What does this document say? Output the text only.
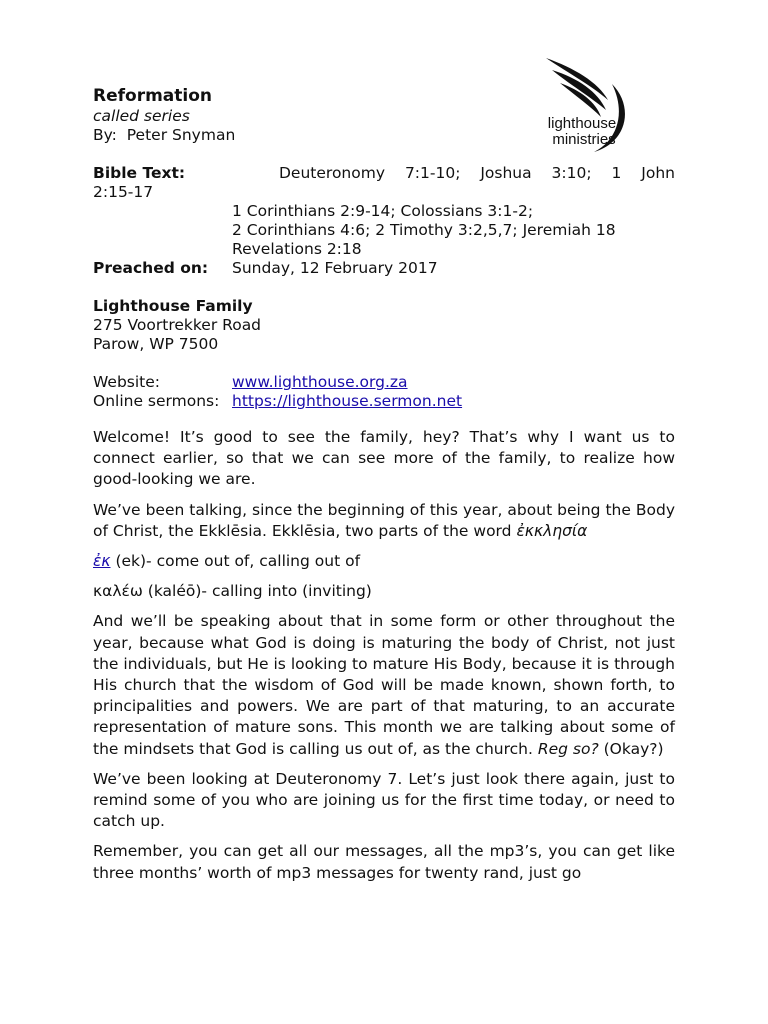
lighthouse
ministries
Reformation
called series
By: Peter Snyman
Bible Text:	Deuteronomy 7:1-10; Joshua 3:10; 1 John
2:15-17
1 Corinthians 2:9-14; Colossians 3:1-2;
2 Corinthians 4:6; 2 Timothy 3:2,5,7; Jeremiah 18
Revelations 2:18
Preached on:	Sunday, 12 February 2017
Lighthouse Family
275 Voortrekker Road
Parow, WP 7500
Website:	www.lighthouse.org.za
Online sermons: https://lighthouse.sermon.net

Welcome! It’s good to see the family, hey? That’s why I want us to connect earlier, so that we can see more of the family, to realize how good-looking we are.

We’ve been talking, since the beginning of this year, about being the Body of Christ, the Ekklēsia. Ekklēsia, two parts of the word ἐκκλησία

ἐκ (ek)- come out of, calling out of

καλέω (kaléō)- calling into (inviting)

And we’ll be speaking about that in some form or other throughout the year, because what God is doing is maturing the body of Christ, not just the individuals, but He is looking to mature His Body, because it is through His church that the wisdom of God will be made known, shown forth, to principalities and powers. We are part of that maturing, to an accurate representation of mature sons. This month we are talking about some of the mindsets that God is calling us out of, as the church. Reg so? (Okay?)

We’ve been looking at Deuteronomy 7. Let’s just look there again, just to remind some of you who are joining us for the first time today, or need to catch up.

Remember, you can get all our messages, all the mp3’s, you can get like three months’ worth of mp3 messages for twenty rand, just go
